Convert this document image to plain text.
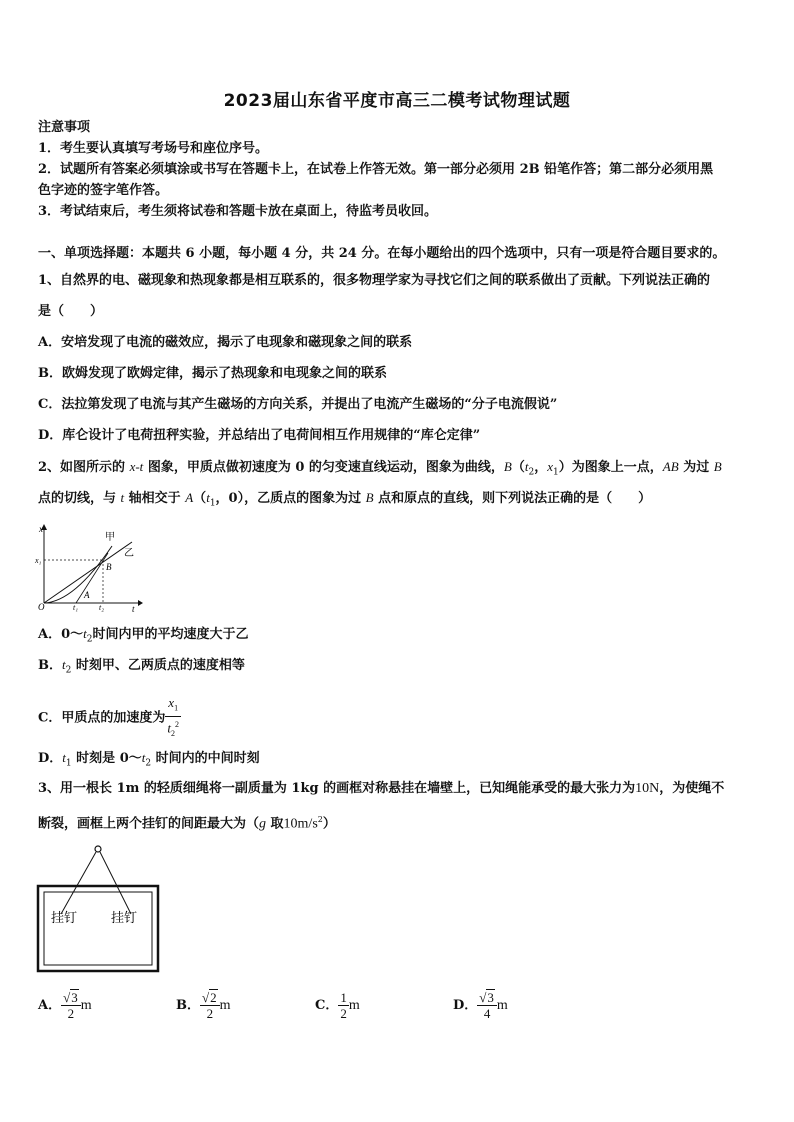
2023届山东省平度市高三二模考试物理试题
注意事项
1．考生要认真填写考场号和座位序号。
2．试题所有答案必须填涂或书写在答题卡上，在试卷上作答无效。第一部分必须用 2B 铅笔作答；第二部分必须用黑
色字迹的签字笔作答。
3．考试结束后，考生须将试卷和答题卡放在桌面上，待监考员收回。
一、单项选择题：本题共 6 小题，每小题 4 分，共 24 分。在每小题给出的四个选项中，只有一项是符合题目要求的。
1、自然界的电、磁现象和热现象都是相互联系的，很多物理学家为寻找它们之间的联系做出了贡献。下列说法正确的
是（　　）
A．安培发现了电流的磁效应，揭示了电现象和磁现象之间的联系
B．欧姆发现了欧姆定律，揭示了热现象和电现象之间的联系
C．法拉第发现了电流与其产生磁场的方向关系，并提出了电流产生磁场的“分子电流假说”
D．库仑设计了电荷扭秤实验，并总结出了电荷间相互作用规律的“库仑定律”
2、如图所示的 x-t 图象，甲质点做初速度为 0 的匀变速直线运动，图象为曲线，$B(t_2$，$x_1$）为图象上一点，AB 为过 B
点的切线，与 t 轴相交于 $A(t_1$，0），乙质点的图象为过 B 点和原点的直线，则下列说法正确的是（　　）
x
t
O
x₁
t₁	t₂
甲
乙
A
B
A．$0\sim t_2$时间内甲的平均速度大于乙
B．$t_2$ 时刻甲、乙两质点的速度相等
C．甲质点的加速度为 $\frac{x_1}{t_2^2}$
D．$t_1$ 时刻是 $0\sim t_2$ 时间内的中间时刻
3、用一根长 1m 的轻质细绳将一副质量为 1kg 的画框对称悬挂在墙壁上，已知绳能承受的最大张力为10N，为使绳不
断裂，画框上两个挂钉的间距最大为（g 取$10m/s^2$）
挂钉	挂钉
A． $\frac{√3}{2}$ m	B． $\frac{√2}{2}$ m	C． $\frac{1}{2}$ m	D． $\frac{√3}{4}$ m
